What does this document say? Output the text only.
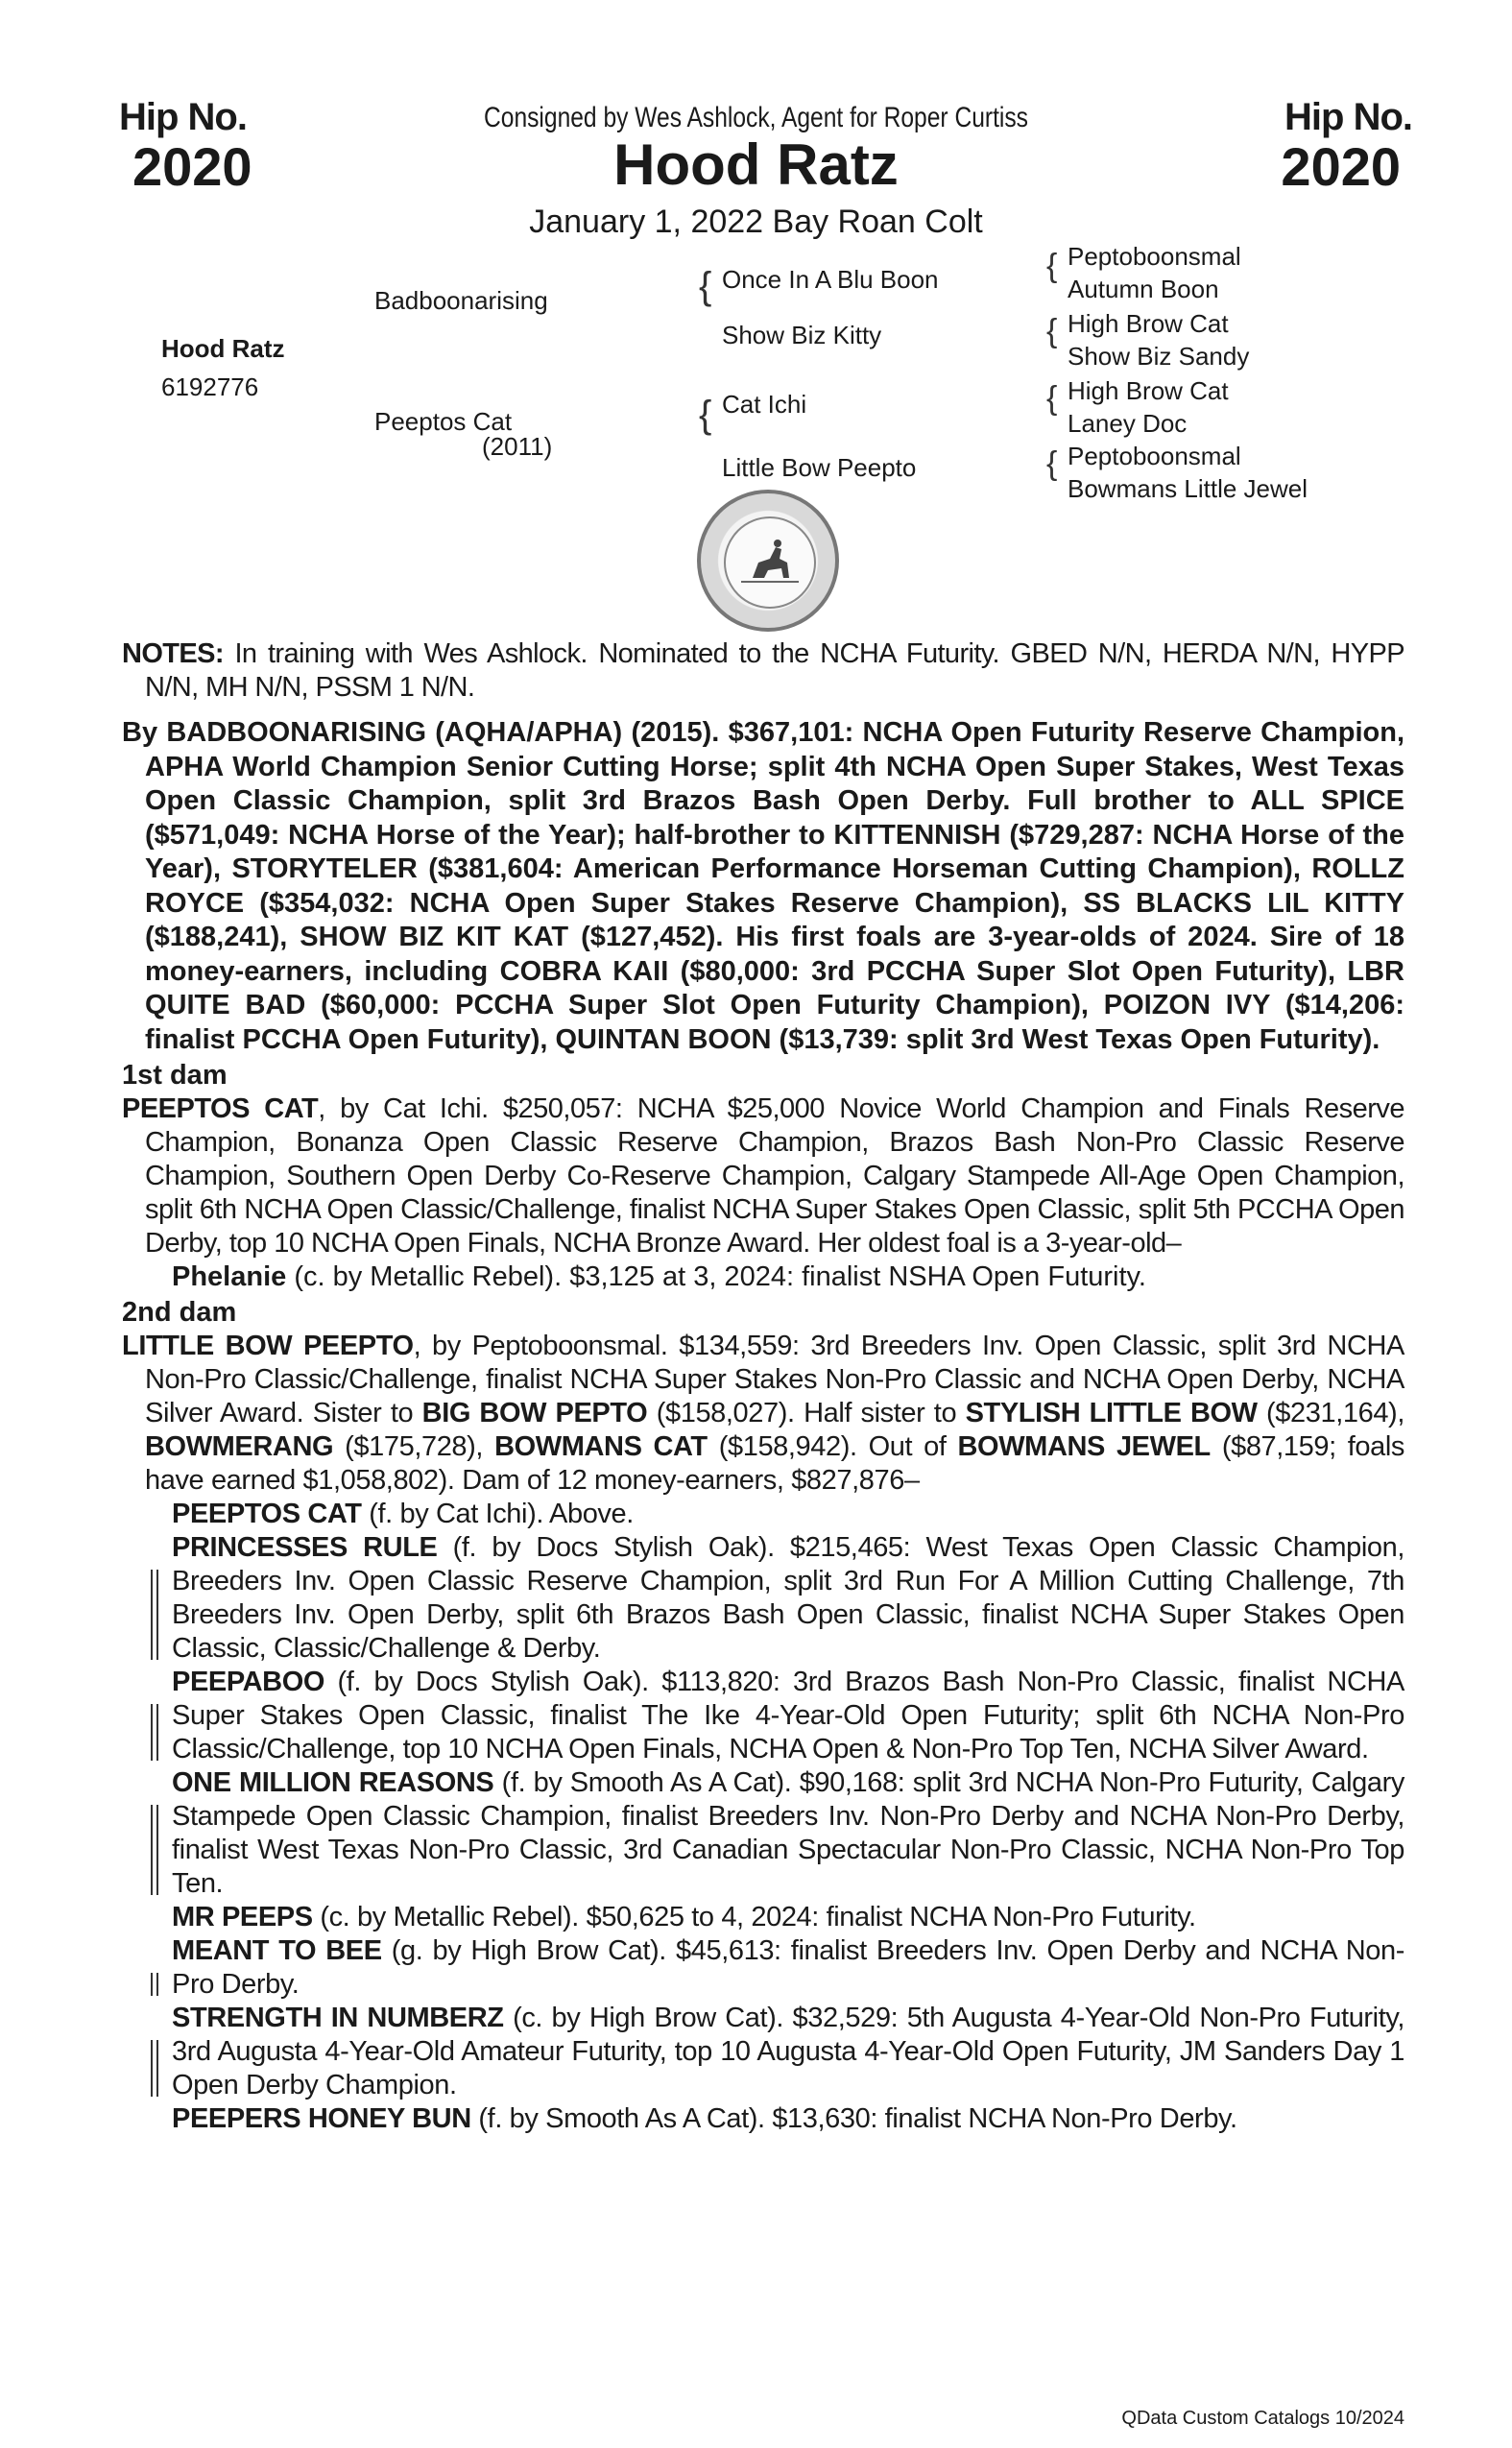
Hip No.
2020
Hip No.
2020
Consigned by Wes Ashlock, Agent for Roper Curtiss
Hood Ratz
January 1, 2022 Bay Roan Colt
Hood Ratz
6192776
Badboonarising
Peeptos Cat
(2011)
{ Once In A Blu Boon
Show Biz Kitty
{ Cat Ichi
Little Bow Peepto
{ Peptoboonsmal
Autumn Boon
{ High Brow Cat
Show Biz Sandy
{ High Brow Cat
Laney Doc
{ Peptoboonsmal
Bowmans Little Jewel

NOTES: In training with Wes Ashlock. Nominated to the NCHA Futurity. GBED N/N, HERDA N/N, HYPP N/N, MH N/N, PSSM 1 N/N.

By BADBOONARISING (AQHA/APHA) (2015). $367,101: NCHA Open Futurity Reserve Champion, APHA World Champion Senior Cutting Horse; split 4th NCHA Open Super Stakes, West Texas Open Classic Champion, split 3rd Brazos Bash Open Derby. Full brother to ALL SPICE ($571,049: NCHA Horse of the Year); half-brother to KITTENNISH ($729,287: NCHA Horse of the Year), STORYTELER ($381,604: American Performance Horseman Cutting Champion), ROLLZ ROYCE ($354,032: NCHA Open Super Stakes Reserve Champion), SS BLACKS LIL KITTY ($188,241), SHOW BIZ KIT KAT ($127,452). His first foals are 3-year-olds of 2024. Sire of 18 money-earners, including COBRA KAII ($80,000: 3rd PCCHA Super Slot Open Futurity), LBR QUITE BAD ($60,000: PCCHA Super Slot Open Futurity Champion), POIZON IVY ($14,206: finalist PCCHA Open Futurity), QUINTAN BOON ($13,739: split 3rd West Texas Open Futurity).

1st dam

PEEPTOS CAT, by Cat Ichi. $250,057: NCHA $25,000 Novice World Champion and Finals Reserve Champion, Bonanza Open Classic Reserve Champion, Brazos Bash Non-Pro Classic Reserve Champion, Southern Open Derby Co-Reserve Champion, Calgary Stampede All-Age Open Champion, split 6th NCHA Open Classic/Challenge, finalist NCHA Super Stakes Open Classic, split 5th PCCHA Open Derby, top 10 NCHA Open Finals, NCHA Bronze Award. Her oldest foal is a 3-year-old–

Phelanie (c. by Metallic Rebel). $3,125 at 3, 2024: finalist NSHA Open Futurity.

2nd dam

LITTLE BOW PEEPTO, by Peptoboonsmal. $134,559: 3rd Breeders Inv. Open Classic, split 3rd NCHA Non-Pro Classic/Challenge, finalist NCHA Super Stakes Non-Pro Classic and NCHA Open Derby, NCHA Silver Award. Sister to BIG BOW PEPTO ($158,027). Half sister to STYLISH LITTLE BOW ($231,164), BOWMERANG ($175,728), BOWMANS CAT ($158,942). Out of BOWMANS JEWEL ($87,159; foals have earned $1,058,802). Dam of 12 money-earners, $827,876–

PEEPTOS CAT (f. by Cat Ichi). Above.

PRINCESSES RULE (f. by Docs Stylish Oak). $215,465: West Texas Open Classic Champion, Breeders Inv. Open Classic Reserve Champion, split 3rd Run For A Million Cutting Challenge, 7th Breeders Inv. Open Derby, split 6th Brazos Bash Open Classic, finalist NCHA Super Stakes Open Classic, Classic/Challenge & Derby.

PEEPABOO (f. by Docs Stylish Oak). $113,820: 3rd Brazos Bash Non-Pro Classic, finalist NCHA Super Stakes Open Classic, finalist The Ike 4-Year-Old Open Futurity; split 6th NCHA Non-Pro Classic/Challenge, top 10 NCHA Open Finals, NCHA Open & Non-Pro Top Ten, NCHA Silver Award.

ONE MILLION REASONS (f. by Smooth As A Cat). $90,168: split 3rd NCHA Non-Pro Futurity, Calgary Stampede Open Classic Champion, finalist Breeders Inv. Non-Pro Derby and NCHA Non-Pro Derby, finalist West Texas Non-Pro Classic, 3rd Canadian Spectacular Non-Pro Classic, NCHA Non-Pro Top Ten.

MR PEEPS (c. by Metallic Rebel). $50,625 to 4, 2024: finalist NCHA Non-Pro Futurity.

MEANT TO BEE (g. by High Brow Cat). $45,613: finalist Breeders Inv. Open Derby and NCHA Non-Pro Derby.

STRENGTH IN NUMBERZ (c. by High Brow Cat). $32,529: 5th Augusta 4-Year-Old Non-Pro Futurity, 3rd Augusta 4-Year-Old Amateur Futurity, top 10 Augusta 4-Year-Old Open Futurity, JM Sanders Day 1 Open Derby Champion.

PEEPERS HONEY BUN (f. by Smooth As A Cat). $13,630: finalist NCHA Non-Pro Derby.

QData Custom Catalogs 10/2024
